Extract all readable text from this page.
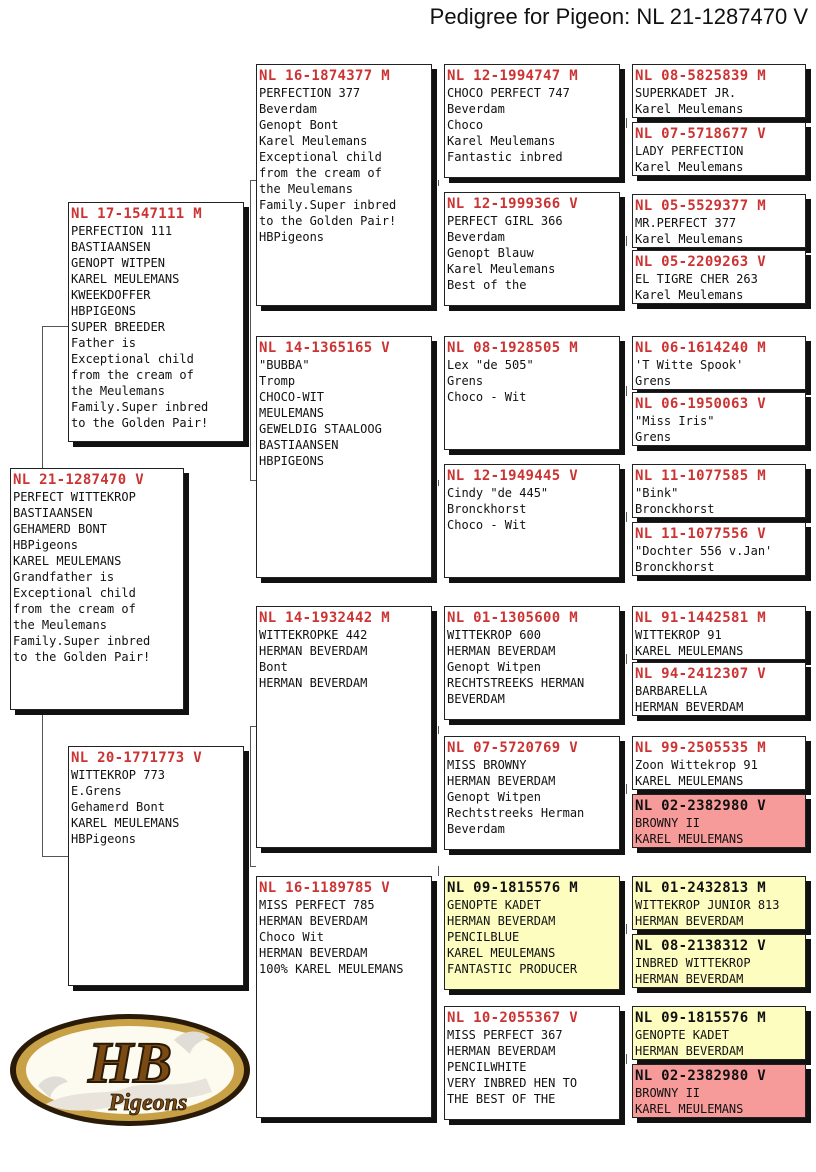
Pedigree for Pigeon: NL 21-1287470 V
NL 21-1287470 V
PERFECT WITTEKROP
BASTIAANSEN
GEHAMERD BONT
HBPigeons
KAREL MEULEMANS
Grandfather is
Exceptional child
from the cream of
the Meulemans
Family.Super inbred
to the Golden Pair!
NL 17-1547111 M
PERFECTION 111
BASTIAANSEN
GENOPT WITPEN
KAREL MEULEMANS
KWEEKDOFFER
HBPIGEONS
SUPER BREEDER
Father is
Exceptional child
from the cream of
the Meulemans
Family.Super inbred
to the Golden Pair!
NL 20-1771773 V
WITTEKROP 773
E.Grens
Gehamerd Bont
KAREL MEULEMANS
HBPigeons
NL 16-1874377 M
PERFECTION 377
Beverdam
Genopt Bont
Karel Meulemans
Exceptional child
from the cream of
the Meulemans
Family.Super inbred
to the Golden Pair!
HBPigeons
NL 14-1365165 V
"BUBBA"
Tromp
CHOCO-WIT
MEULEMANS
GEWELDIG STAALOOG
BASTIAANSEN
HBPIGEONS
NL 14-1932442 M
WITTEKROPKE 442
HERMAN BEVERDAM
Bont
HERMAN BEVERDAM
NL 16-1189785 V
MISS PERFECT 785
HERMAN BEVERDAM
Choco Wit
HERMAN BEVERDAM
100% KAREL MEULEMANS
NL 12-1994747 M
CHOCO PERFECT 747
Beverdam
Choco
Karel Meulemans
Fantastic inbred
NL 12-1999366 V
PERFECT GIRL 366
Beverdam
Genopt Blauw
Karel Meulemans
Best of the
NL 08-1928505 M
Lex "de 505"
Grens
Choco - Wit
NL 12-1949445 V
Cindy "de 445"
Bronckhorst
Choco - Wit
NL 01-1305600 M
WITTEKROP 600
HERMAN BEVERDAM
Genopt Witpen
RECHTSTREEKS HERMAN
BEVERDAM
NL 07-5720769 V
MISS BROWNY
HERMAN BEVERDAM
Genopt Witpen
Rechtstreeks Herman
Beverdam
NL 09-1815576 M
GENOPTE KADET
HERMAN BEVERDAM
PENCILBLUE
KAREL MEULEMANS
FANTASTIC PRODUCER
NL 10-2055367 V
MISS PERFECT 367
HERMAN BEVERDAM
PENCILWHITE
VERY INBRED HEN TO
THE BEST OF THE
NL 08-5825839 M
SUPERKADET JR.
Karel Meulemans
NL 07-5718677 V
LADY PERFECTION
Karel Meulemans
NL 05-5529377 M
MR.PERFECT 377
Karel Meulemans
NL 05-2209263 V
EL TIGRE CHER 263
Karel Meulemans
NL 06-1614240 M
'T Witte Spook'
Grens
NL 06-1950063 V
"Miss Iris"
Grens
NL 11-1077585 M
"Bink"
Bronckhorst
NL 11-1077556 V
"Dochter 556 v.Jan'
Bronckhorst
NL 91-1442581 M
WITTEKROP 91
KAREL MEULEMANS
NL 94-2412307 V
BARBARELLA
HERMAN BEVERDAM
NL 99-2505535 M
Zoon Wittekrop 91
KAREL MEULEMANS
NL 02-2382980 V
BROWNY II
KAREL MEULEMANS
NL 01-2432813 M
WITTEKROP JUNIOR 813
HERMAN BEVERDAM
NL 08-2138312 V
INBRED WITTEKROP
HERMAN BEVERDAM
NL 09-1815576 M
GENOPTE KADET
HERMAN BEVERDAM
NL 02-2382980 V
BROWNY II
KAREL MEULEMANS
HB
Pigeons
